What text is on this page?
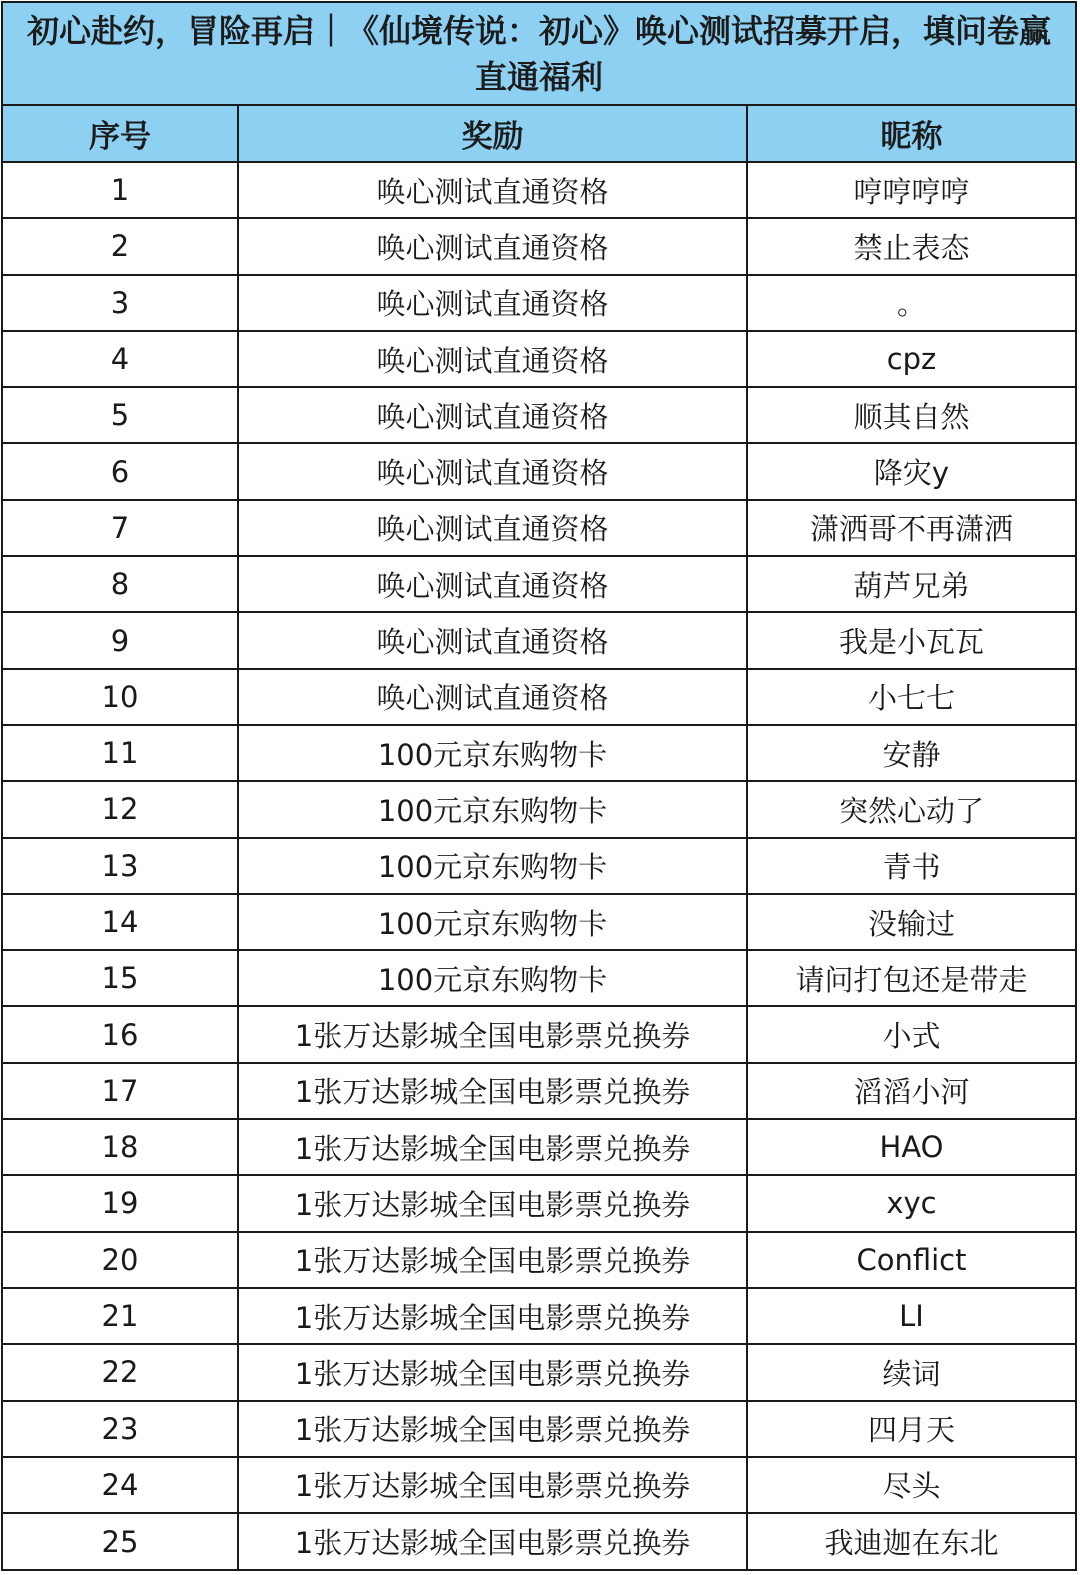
初心赴约，冒险再启｜《仙境传说：初心》唤心测试招募开启，填问卷赢直通福利
序号	奖励	昵称
1	唤心测试直通资格	哼哼哼哼
2	唤心测试直通资格	禁止表态
3	唤心测试直通资格	。
4	唤心测试直通资格	cpz
5	唤心测试直通资格	顺其自然
6	唤心测试直通资格	降灾y
7	唤心测试直通资格	潇洒哥不再潇洒
8	唤心测试直通资格	葫芦兄弟
9	唤心测试直通资格	我是小瓦瓦
10	唤心测试直通资格	小七七
11	100元京东购物卡	安静
12	100元京东购物卡	突然心动了
13	100元京东购物卡	青书
14	100元京东购物卡	没输过
15	100元京东购物卡	请问打包还是带走
16	1张万达影城全国电影票兑换券	小式
17	1张万达影城全国电影票兑换券	滔滔小河
18	1张万达影城全国电影票兑换券	HAO
19	1张万达影城全国电影票兑换券	xyc
20	1张万达影城全国电影票兑换券	Conflict
21	1张万达影城全国电影票兑换券	LI
22	1张万达影城全国电影票兑换券	续词
23	1张万达影城全国电影票兑换券	四月天
24	1张万达影城全国电影票兑换券	尽头
25	1张万达影城全国电影票兑换券	我迪迦在东北
